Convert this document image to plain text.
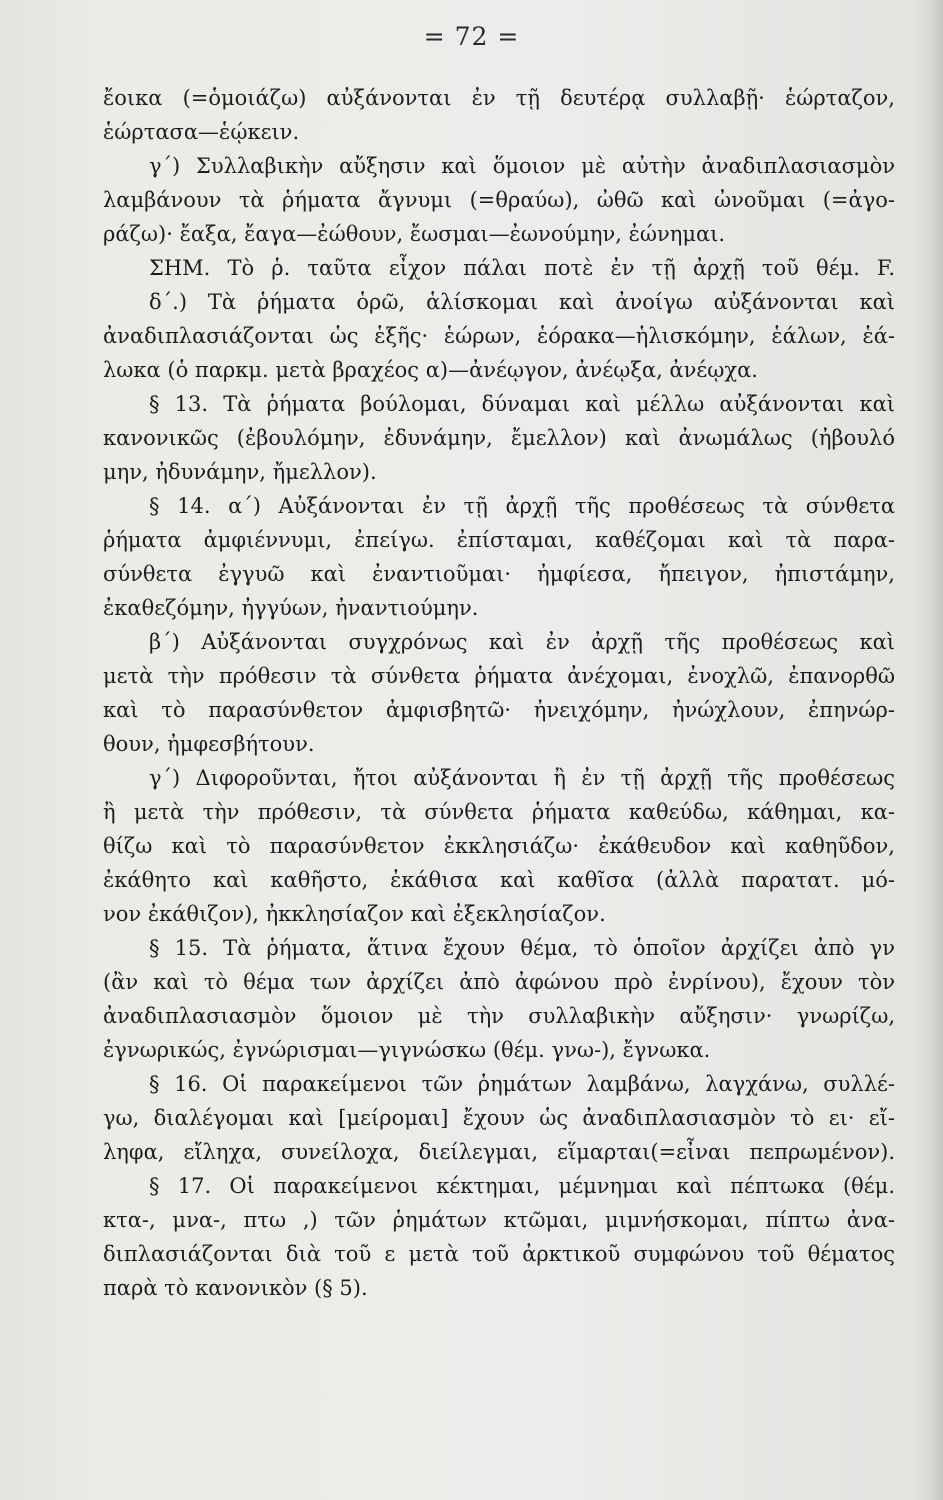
= 72 =
ἔοικα (=ὁμοιάζω) αὐξάνονται ἐν τῇ δευτέρᾳ συλλαβῇ· ἑώρταζον,
ἑώρτασα—ἑῴκειν.
γ΄) Συλλαβικὴν αὔξησιν καὶ ὅμοιον μὲ αὐτὴν ἀναδιπλασιασμὸν
λαμβάνουν τὰ ῥήματα ἄγνυμι (=θραύω), ὠθῶ καὶ ὠνοῦμαι (=ἀγο-
ράζω)· ἔαξα, ἔαγα—ἐώθουν, ἔωσμαι—ἐωνούμην, ἐώνημαι.
ΣΗΜ. Τὸ ῥ. ταῦτα εἶχον πάλαι ποτὲ ἐν τῇ ἀρχῇ τοῦ θέμ. F.
δ΄.) Τὰ ῥήματα ὁρῶ, ἁλίσκομαι καὶ ἀνοίγω αὐξάνονται καὶ
ἀναδιπλασιάζονται ὡς ἑξῆς· ἑώρων, ἑόρακα—ἡλισκόμην, ἑάλων, ἑά-
λωκα (ὁ παρκμ. μετὰ βραχέος α)—ἀνέῳγον, ἀνέῳξα, ἀνέῳχα.
§ 13. Τὰ ῥήματα βούλομαι, δύναμαι καὶ μέλλω αὐξάνονται καὶ
κανονικῶς (ἐβουλόμην, ἐδυνάμην, ἔμελλον) καὶ ἀνωμάλως (ἠβουλό
μην, ἠδυνάμην, ἤμελλον).
§ 14. α΄) Αὐξάνονται ἐν τῇ ἀρχῇ τῆς προθέσεως τὰ σύνθετα
ῥήματα ἀμφιέννυμι, ἐπείγω. ἐπίσταμαι, καθέζομαι καὶ τὰ παρα-
σύνθετα ἐγγυῶ καὶ ἐναντιοῦμαι· ἠμφίεσα, ἤπειγον, ἠπιστάμην,
ἐκαθεζόμην, ἠγγύων, ἠναντιούμην.
β΄) Αὐξάνονται συγχρόνως καὶ ἐν ἀρχῇ τῆς προθέσεως καὶ
μετὰ τὴν πρόθεσιν τὰ σύνθετα ῥήματα ἀνέχομαι, ἐνοχλῶ, ἐπανορθῶ
καὶ τὸ παρασύνθετον ἀμφισβητῶ· ἠνειχόμην, ἠνώχλουν, ἐπηνώρ-
θουν, ἠμφεσβήτουν.
γ΄) Διφοροῦνται, ἤτοι αὐξάνονται ἢ ἐν τῇ ἀρχῇ τῆς προθέσεως
ἢ μετὰ τὴν πρόθεσιν, τὰ σύνθετα ῥήματα καθεύδω, κάθημαι, κα-
θίζω καὶ τὸ παρασύνθετον ἐκκλησιάζω· ἐκάθευδον καὶ καθηῦδον,
ἐκάθητο καὶ καθῆστο, ἐκάθισα καὶ καθῖσα (ἀλλὰ παρατατ. μό-
νον ἐκάθιζον), ἠκκλησίαζον καὶ ἐξεκλησίαζον.
§ 15. Τὰ ῥήματα, ἅτινα ἔχουν θέμα, τὸ ὁποῖον ἀρχίζει ἀπὸ γν
(ἂν καὶ τὸ θέμα των ἀρχίζει ἀπὸ ἀφώνου πρὸ ἐνρίνου), ἔχουν τὸν
ἀναδιπλασιασμὸν ὅμοιον μὲ τὴν συλλαβικὴν αὔξησιν· γνωρίζω,
ἐγνωρικώς, ἐγνώρισμαι—γιγνώσκω (θέμ. γνω-), ἔγνωκα.
§ 16. Οἱ παρακείμενοι τῶν ῥημάτων λαμβάνω, λαγχάνω, συλλέ-
γω, διαλέγομαι καὶ [μείρομαι] ἔχουν ὡς ἀναδιπλασιασμὸν τὸ ει· εἴ-
ληφα, εἴληχα, συνείλοχα, διείλεγμαι, εἵμαρται(=εἶναι πεπρωμένον).
§ 17. Οἱ παρακείμενοι κέκτημαι, μέμνημαι καὶ πέπτωκα (θέμ.
κτα-, μνα-, πτω ,) τῶν ῥημάτων κτῶμαι, μιμνήσκομαι, πίπτω ἀνα-
διπλασιάζονται διὰ τοῦ ε μετὰ τοῦ ἀρκτικοῦ συμφώνου τοῦ θέματος
παρὰ τὸ κανονικὸν (§ 5).
